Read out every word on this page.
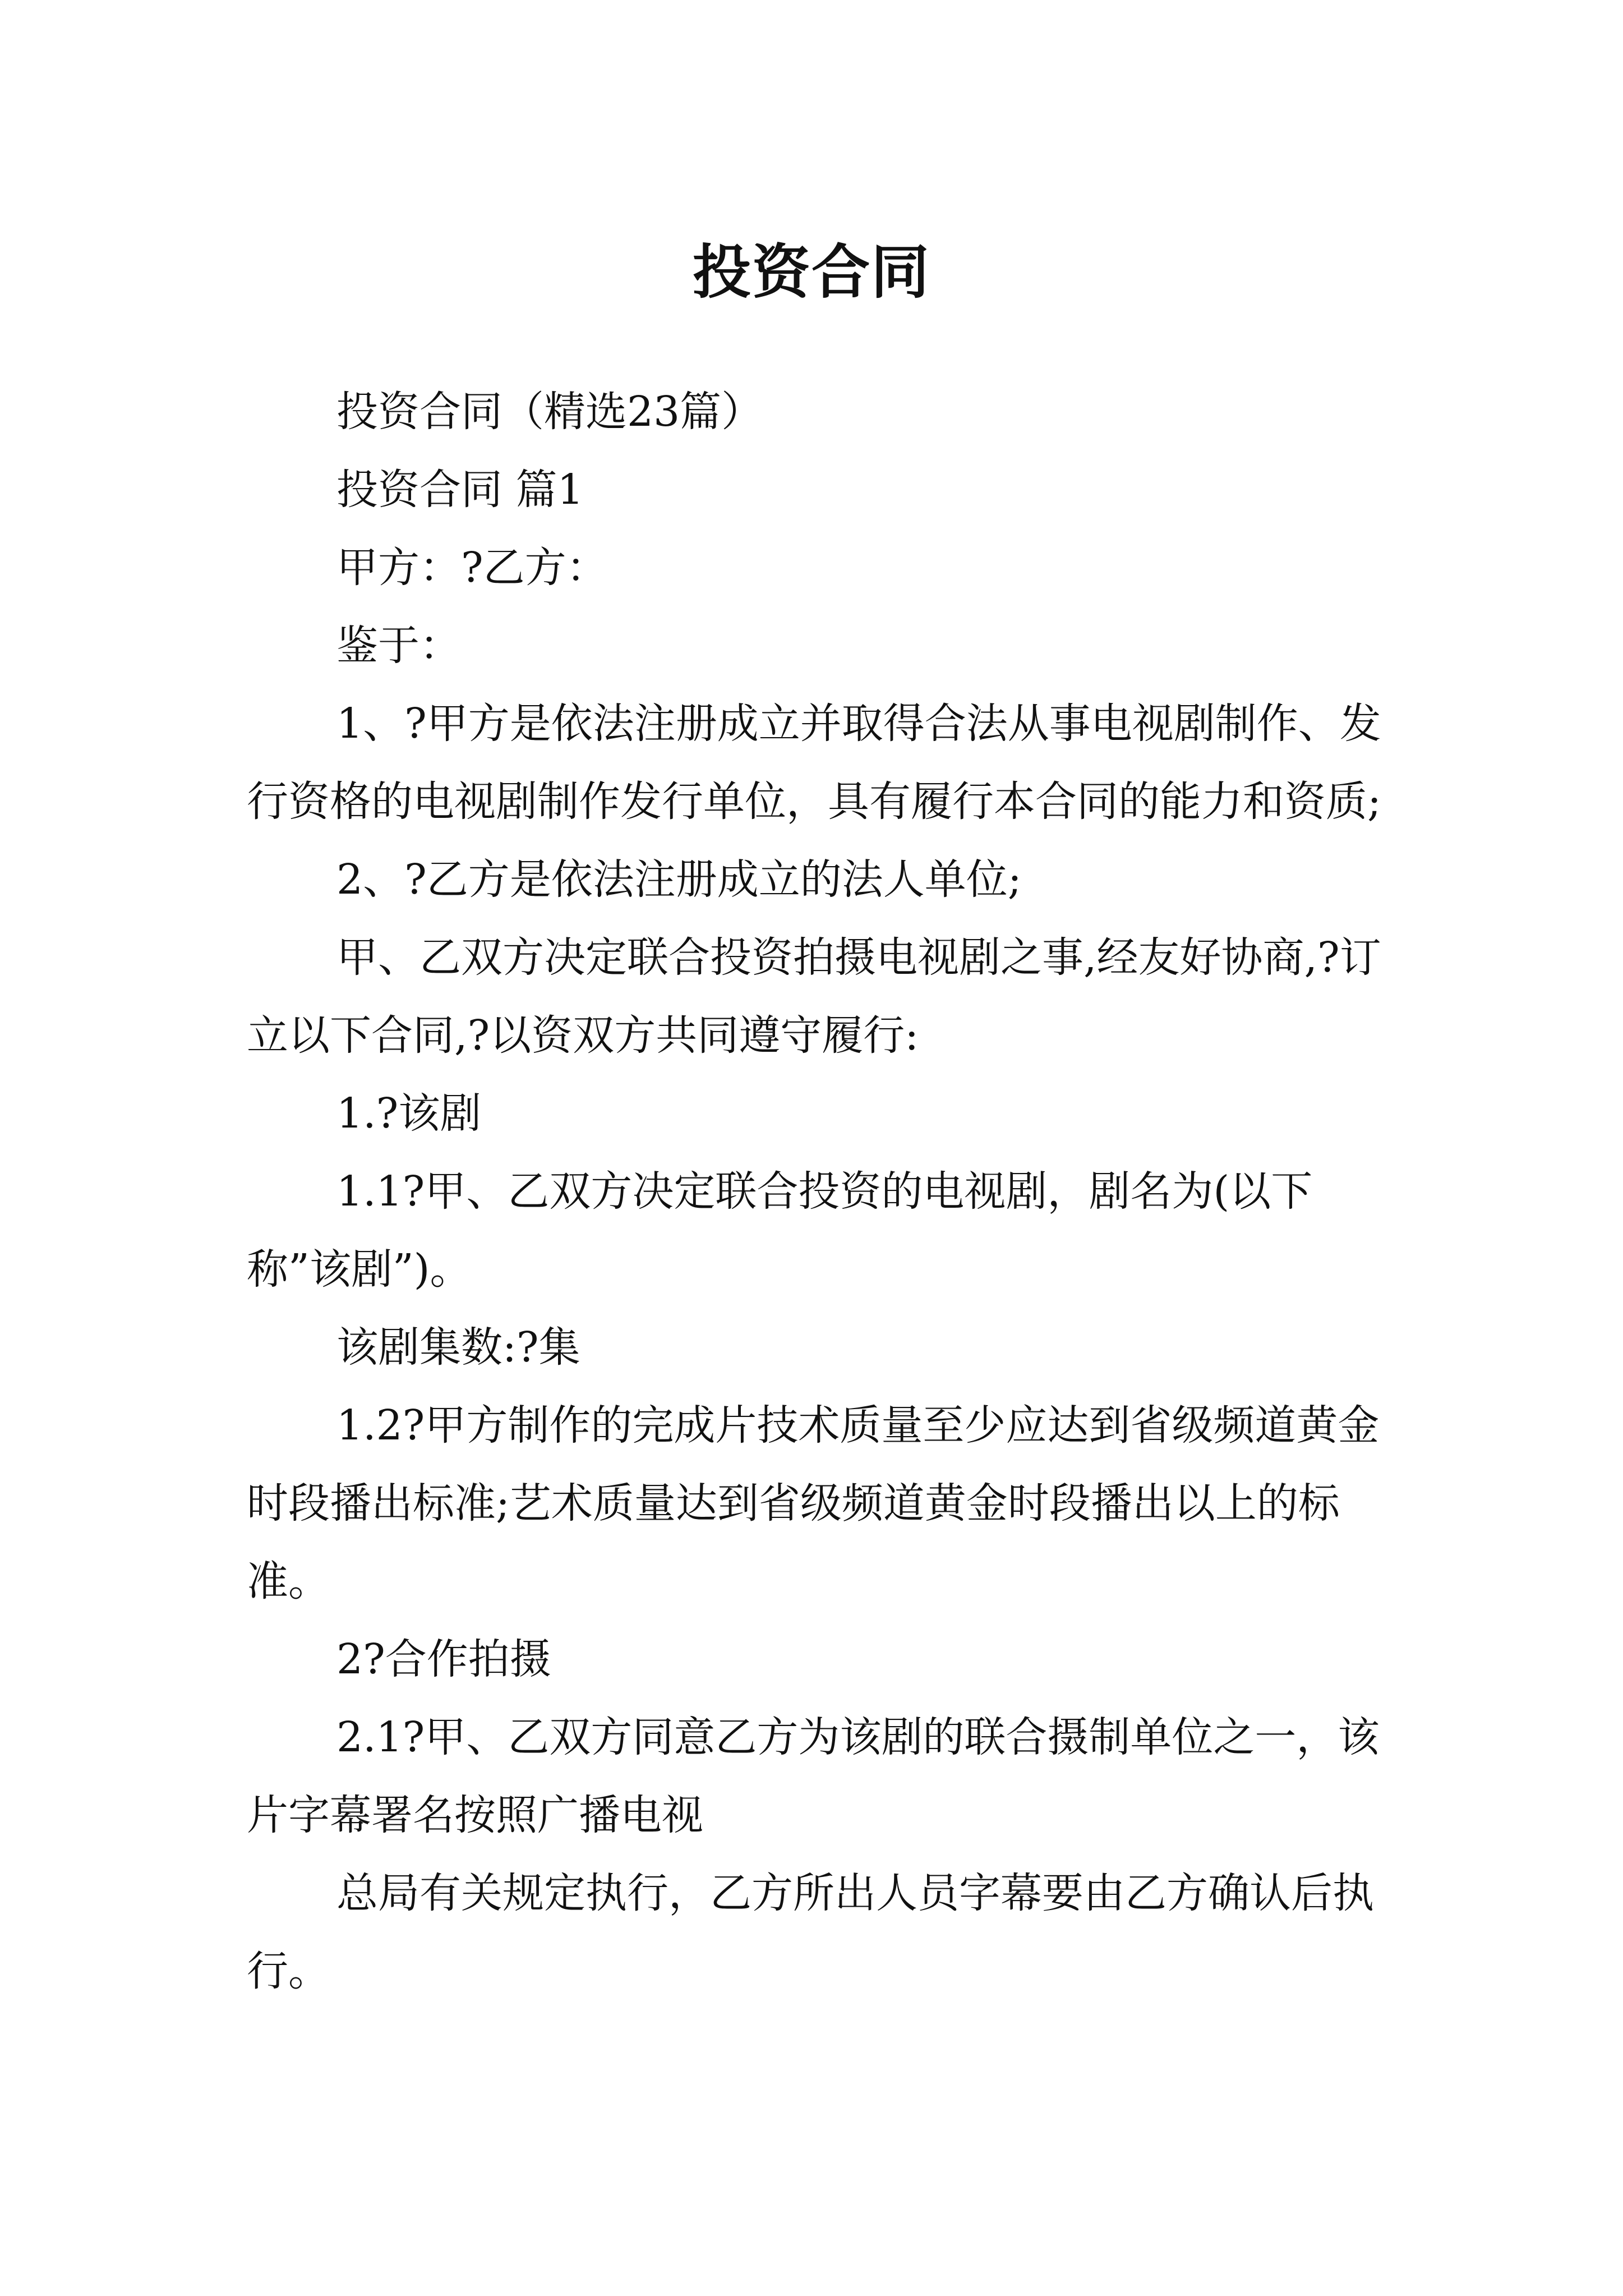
投资合同

投资合同（精选23篇）

投资合同 篇1

甲方：?乙方：

鉴于：

1、?甲方是依法注册成立并取得合法从事电视剧制作、发行资格的电视剧制作发行单位，具有履行本合同的能力和资质;

2、?乙方是依法注册成立的法人单位;

甲、乙双方决定联合投资拍摄电视剧之事,经友好协商,?订立以下合同,?以资双方共同遵守履行:

1.?该剧

1.1?甲、乙双方决定联合投资的电视剧，剧名为(以下称”该剧”)。

该剧集数:?集

1.2?甲方制作的完成片技术质量至少应达到省级频道黄金时段播出标准;艺术质量达到省级频道黄金时段播出以上的标准。

2?合作拍摄

2.1?甲、乙双方同意乙方为该剧的联合摄制单位之一，该片字幕署名按照广播电视

总局有关规定执行，乙方所出人员字幕要由乙方确认后执行。
